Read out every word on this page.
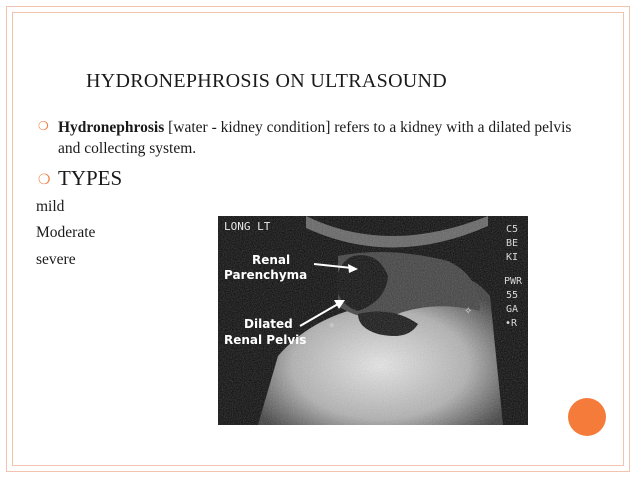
HYDRONEPHROSIS ON ULTRASOUND
❍ Hydronephrosis [water - kidney condition] refers to a kidney with a dilated pelvis and collecting system.
❍ TYPES
mild
Moderate
severe
LONG LT	C5
BE
KI
PWR
55
GA
•R
✧
∗
Renal
Parenchyma
Dilated
Renal Pelvis
